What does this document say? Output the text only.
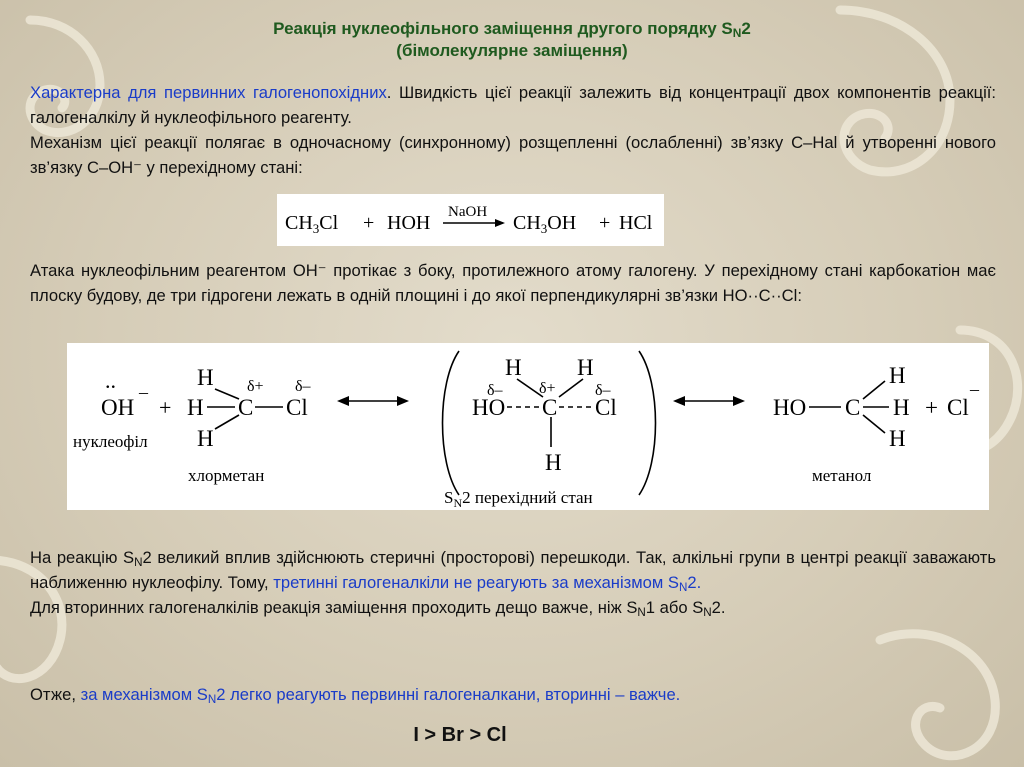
Реакція нуклеофільного заміщення другого порядку $S_N2$
(бімолекулярне заміщення)
Характерна для первинних галогенопохідних. Швидкість цієї реакції залежить від концентрації двох компонентів реакції: галогеналкілу й нуклеофільного реагенту.
Механізм цієї реакції полягає в одночасному (синхронному) розщепленні (ослабленні) зв’язку C–Hal й утворенні нового зв’язку C–OH⁻ у перехідному стані:
$CH_3Cl$ + HOH NaOH $CH_3OH$ + HCl
Атака нуклеофільним реагентом OH⁻ протікає з боку, протилежного атому галогену. У перехідному стані карбокатіон має плоску будову, де три гідрогени лежать в одній площині і до якої перпендикулярні зв’язки HO··C··Cl:
..
OH
–
+
нуклеофіл
H
H
H
C Cl
δ+ δ–
хлорметан
H H
δ– δ+ δ–
HO C Cl
H
$S_N2$ перехідний стан
HO C
H
H
H
+ Cl
–
метанол
На реакцію $S_N2$ великий вплив здійснюють стеричні (просторові) перешкоди. Так, алкільні групи в центрі реакції заважають наближенню нуклеофілу. Тому, третинні галогеналкіли не реагують за механізмом $S_N2$.
Для вторинних галогеналкілів реакція заміщення проходить дещо важче, ніж $S_N1$ або $S_N2$.
Отже, за механізмом $S_N2$ легко реагують первинні галогеналкани, вторинні – важче.
I > Br > Cl
